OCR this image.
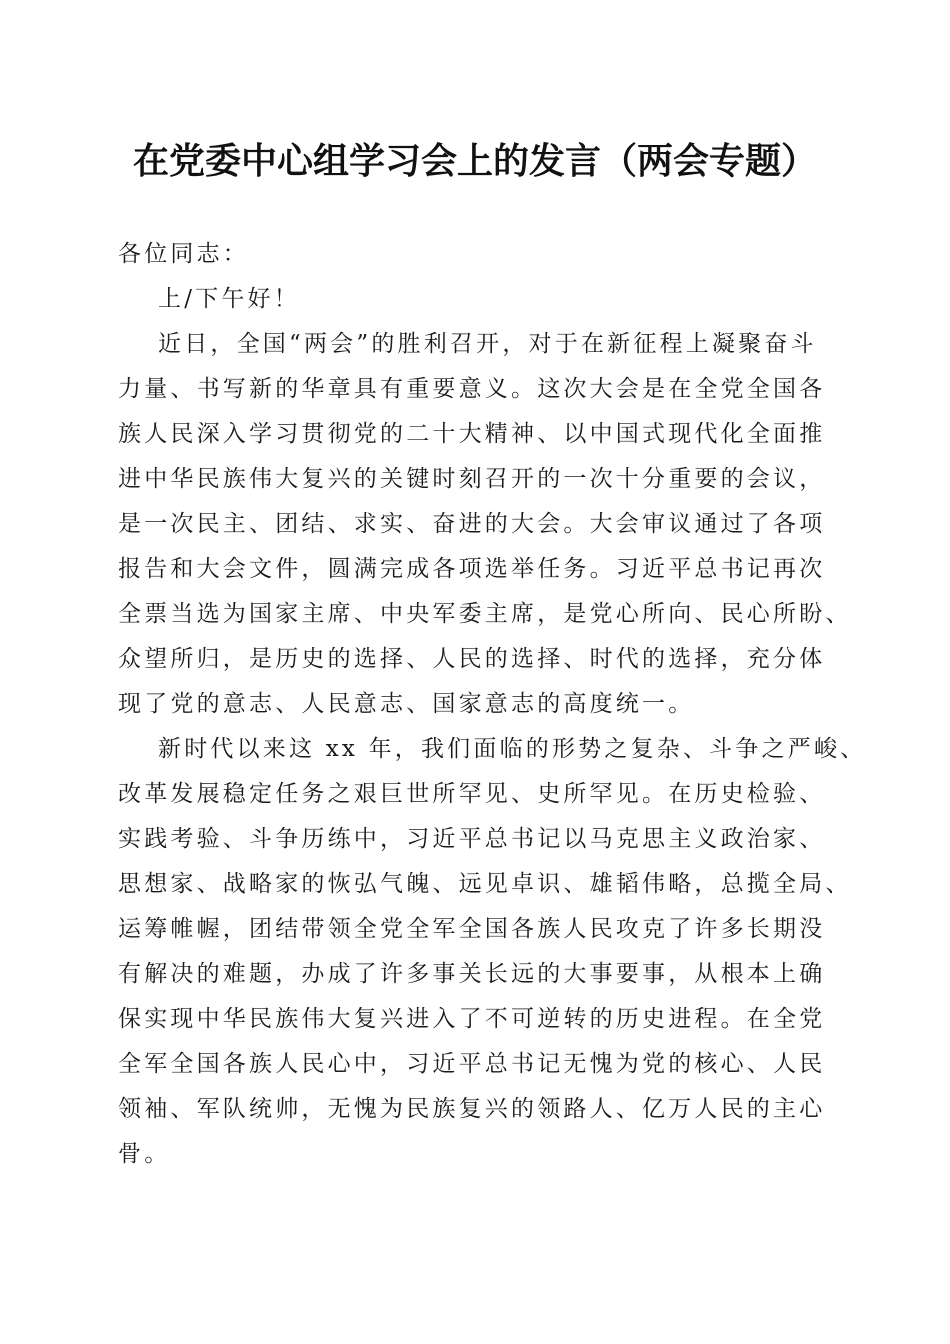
在党委中心组学习会上的发言（两会专题）

各位同志：

上/下午好！

近日，全国“两会”的胜利召开，对于在新征程上凝聚奋斗
力量、书写新的华章具有重要意义。这次大会是在全党全国各
族人民深入学习贯彻党的二十大精神、以中国式现代化全面推
进中华民族伟大复兴的关键时刻召开的一次十分重要的会议，
是一次民主、团结、求实、奋进的大会。大会审议通过了各项
报告和大会文件，圆满完成各项选举任务。习近平总书记再次
全票当选为国家主席、中央军委主席，是党心所向、民心所盼、
众望所归，是历史的选择、人民的选择、时代的选择，充分体
现了党的意志、人民意志、国家意志的高度统一。

新时代以来这 xx 年，我们面临的形势之复杂、斗争之严峻、
改革发展稳定任务之艰巨世所罕见、史所罕见。在历史检验、
实践考验、斗争历练中，习近平总书记以马克思主义政治家、
思想家、战略家的恢弘气魄、远见卓识、雄韬伟略，总揽全局、
运筹帷幄，团结带领全党全军全国各族人民攻克了许多长期没
有解决的难题，办成了许多事关长远的大事要事，从根本上确
保实现中华民族伟大复兴进入了不可逆转的历史进程。在全党
全军全国各族人民心中，习近平总书记无愧为党的核心、人民
领袖、军队统帅，无愧为民族复兴的领路人、亿万人民的主心
骨。
